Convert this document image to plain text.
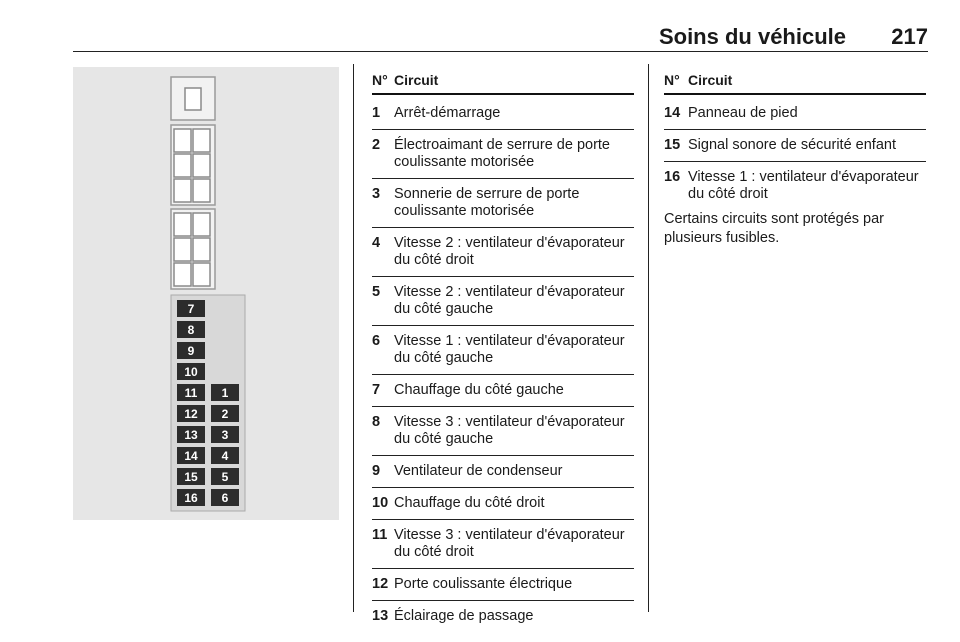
Soins du véhicule 217
7
8
9
10
11
12
13
14
15
16
1
2
3
4
5
6
N° Circuit
1 Arrêt-démarrage
2 Électroaimant de serrure de porte coulissante motorisée
3 Sonnerie de serrure de porte coulissante motorisée
4 Vitesse 2 : ventilateur d'évaporateur du côté droit
5 Vitesse 2 : ventilateur d'évaporateur du côté gauche
6 Vitesse 1 : ventilateur d'évaporateur du côté gauche
7 Chauffage du côté gauche
8 Vitesse 3 : ventilateur d'évaporateur du côté gauche
9 Ventilateur de condenseur
10 Chauffage du côté droit
11 Vitesse 3 : ventilateur d'évaporateur du côté droit
12 Porte coulissante électrique
13 Éclairage de passage
N° Circuit
14 Panneau de pied
15 Signal sonore de sécurité enfant
16 Vitesse 1 : ventilateur d'évaporateur du côté droit
Certains circuits sont protégés par plusieurs fusibles.
